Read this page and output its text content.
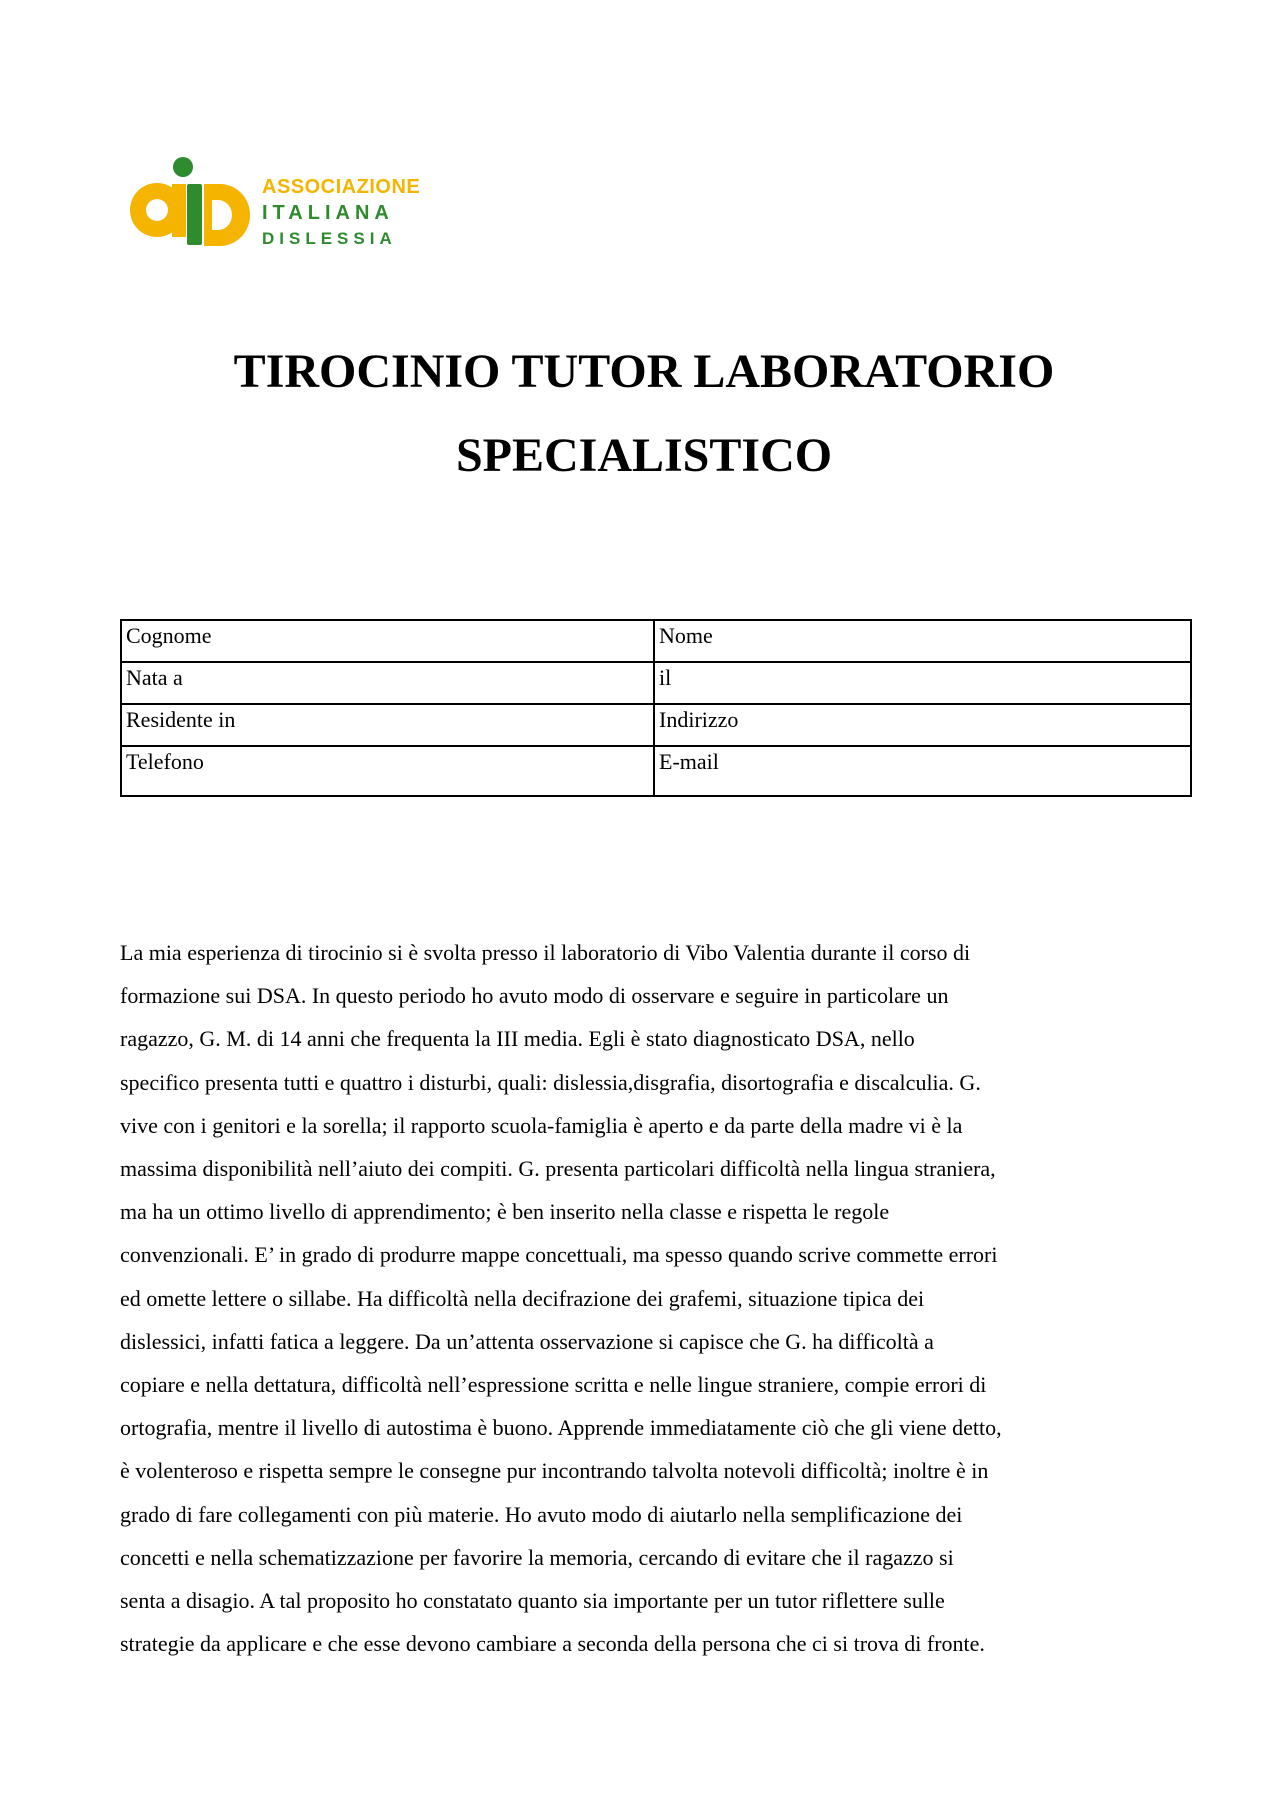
ASSOCIAZIONE
ITALIANA
DISLESSIA
TIROCINIO TUTOR LABORATORIO
SPECIALISTICO
Cognome	Nome
Nata a	il
Residente in	Indirizzo
Telefono	E-mail
La mia esperienza di tirocinio si è svolta presso il laboratorio di Vibo Valentia durante il corso di
formazione sui DSA. In questo periodo ho avuto modo di osservare e seguire in particolare un
ragazzo, G. M. di 14 anni che frequenta la III media. Egli è stato diagnosticato DSA, nello
specifico presenta tutti e quattro i disturbi, quali: dislessia,disgrafia, disortografia e discalculia. G.
vive con i genitori e la sorella; il rapporto scuola-famiglia è aperto e da parte della madre vi è la
massima disponibilità nell’aiuto dei compiti. G. presenta particolari difficoltà nella lingua straniera,
ma ha un ottimo livello di apprendimento; è ben inserito nella classe e rispetta le regole
convenzionali. E’ in grado di produrre mappe concettuali, ma spesso quando scrive commette errori
ed omette lettere o sillabe. Ha difficoltà nella decifrazione dei grafemi, situazione tipica dei
dislessici, infatti fatica a leggere. Da un’attenta osservazione si capisce che G. ha difficoltà a
copiare e nella dettatura, difficoltà nell’espressione scritta e nelle lingue straniere, compie errori di
ortografia, mentre il livello di autostima è buono. Apprende immediatamente ciò che gli viene detto,
è volenteroso e rispetta sempre le consegne pur incontrando talvolta notevoli difficoltà; inoltre è in
grado di fare collegamenti con più materie. Ho avuto modo di aiutarlo nella semplificazione dei
concetti e nella schematizzazione per favorire la memoria, cercando di evitare che il ragazzo si
senta a disagio. A tal proposito ho constatato quanto sia importante per un tutor riflettere sulle
strategie da applicare e che esse devono cambiare a seconda della persona che ci si trova di fronte.
